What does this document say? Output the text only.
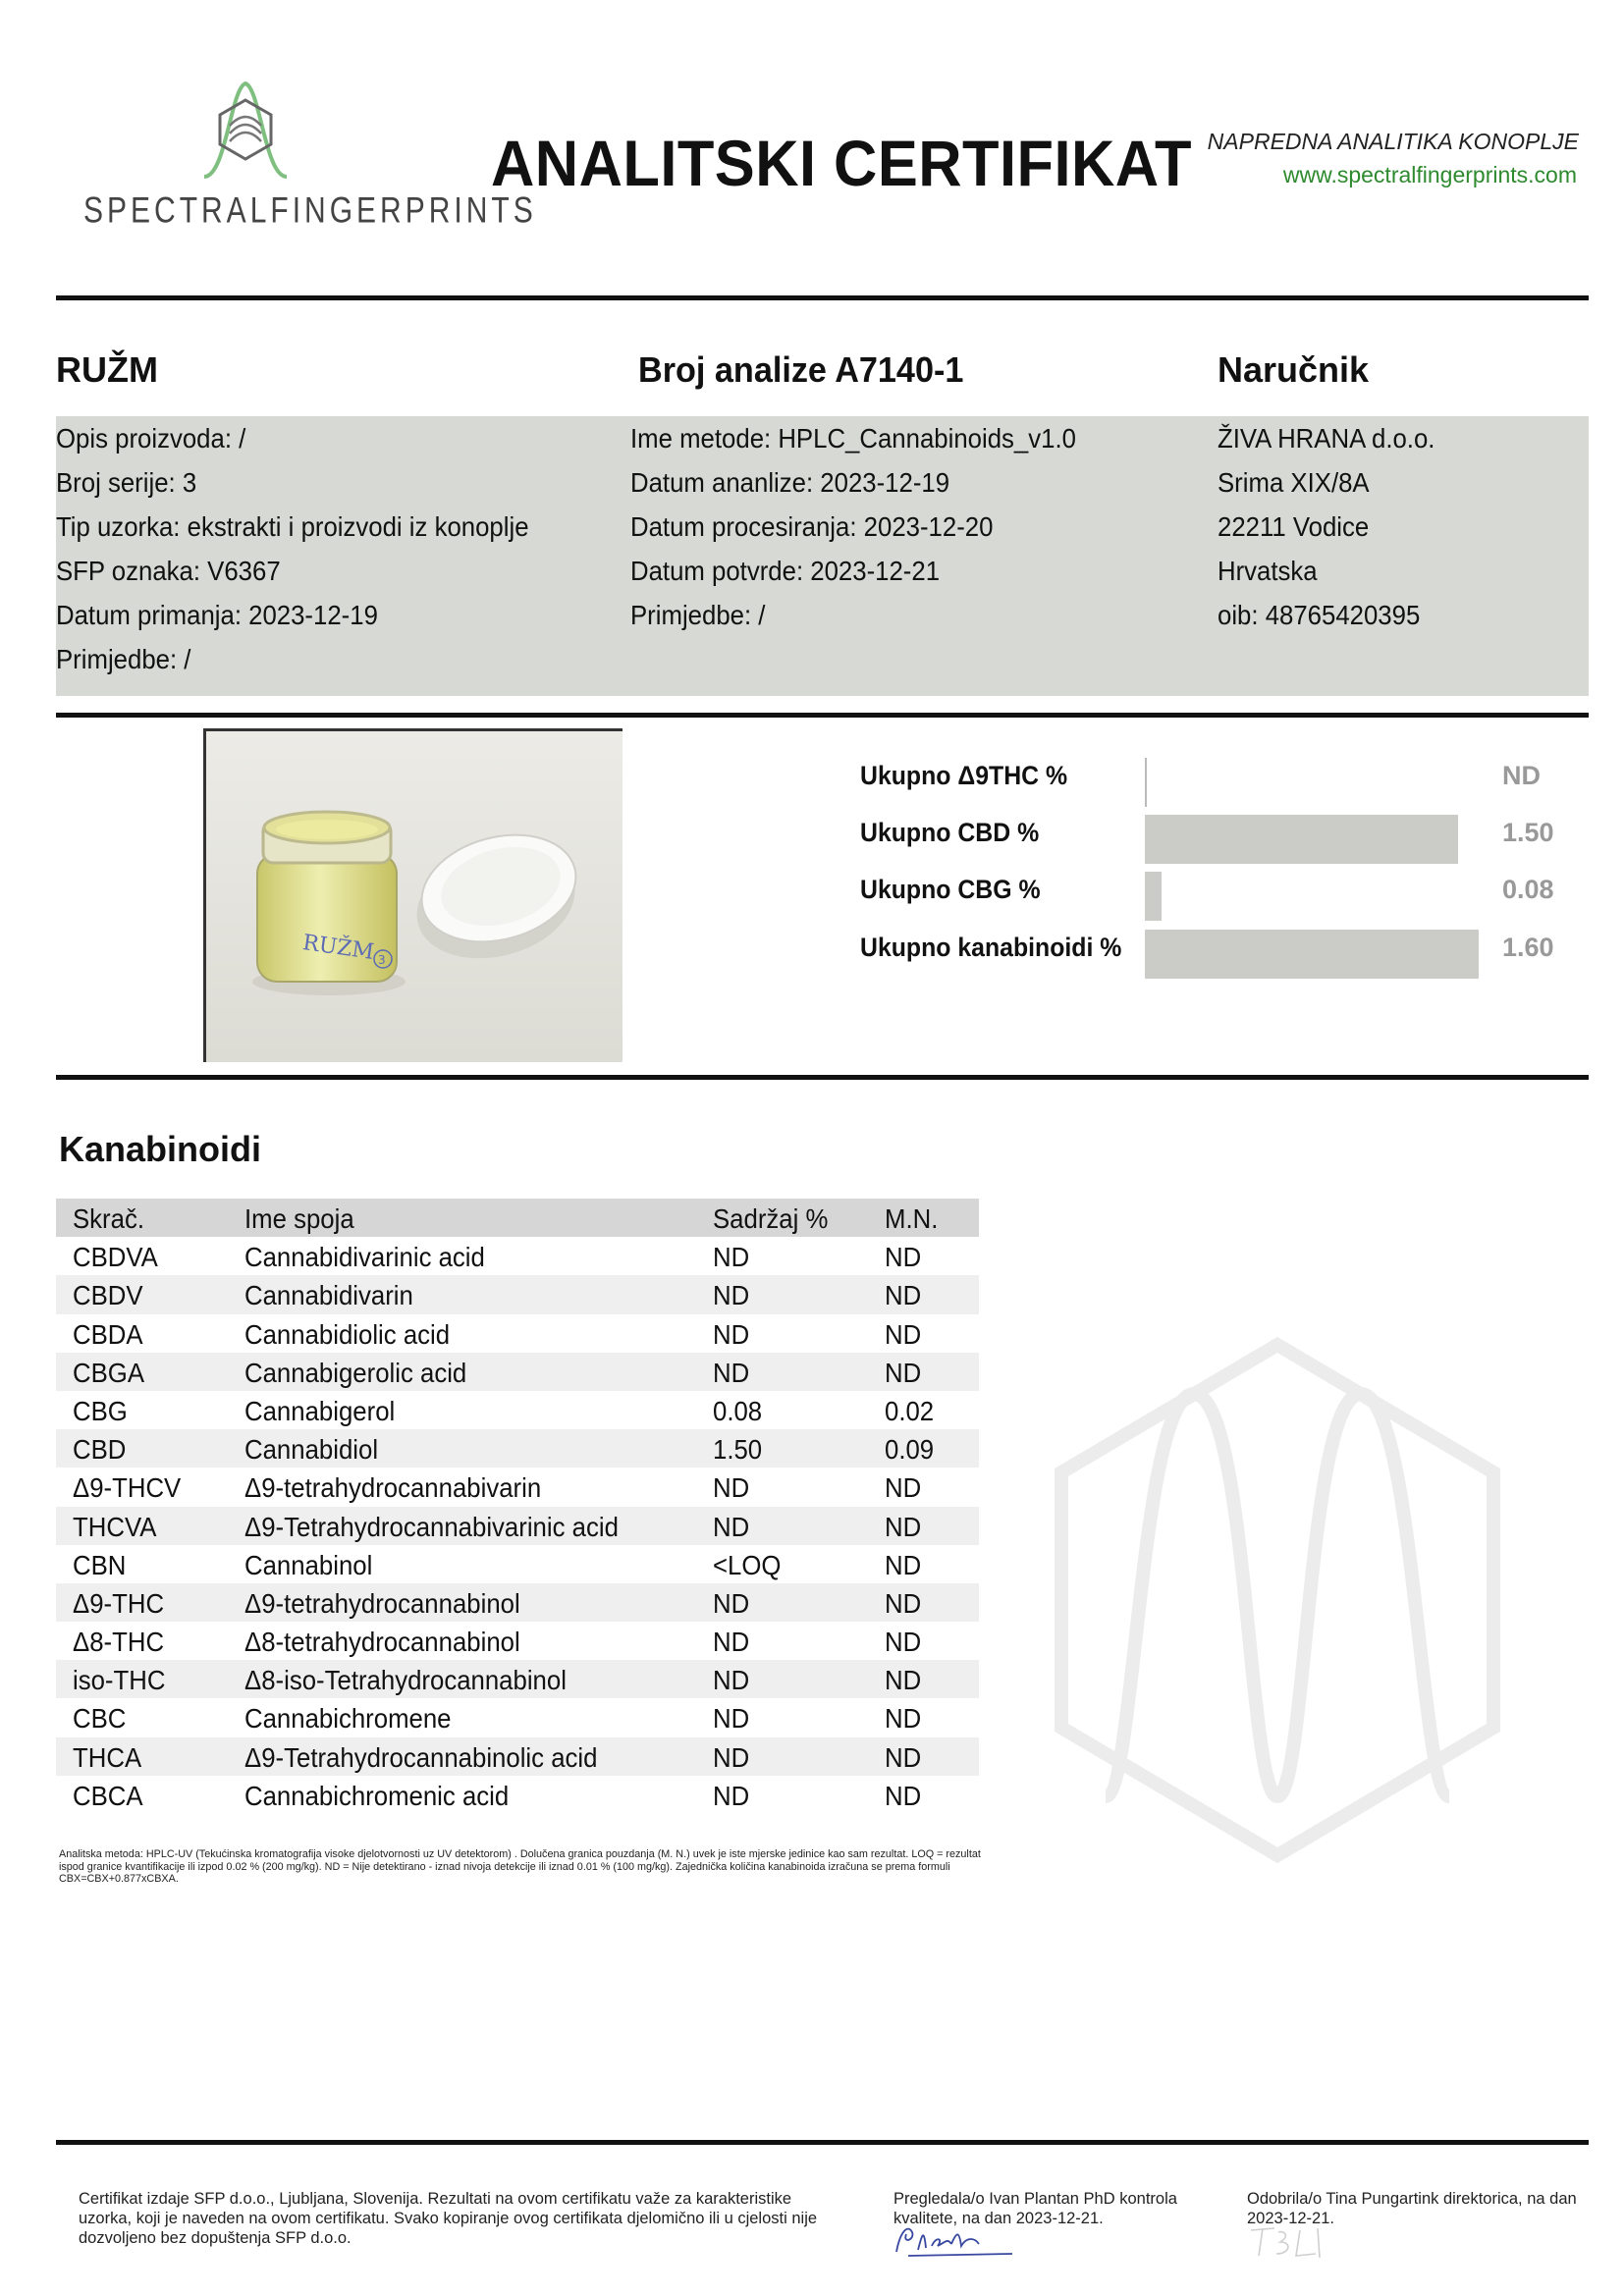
SPECTRALFINGERPRINTS
ANALITSKI CERTIFIKAT NAPREDNA ANALITIKA KONOPLJE
www.spectralfingerprints.com
RUŽM	Broj analize A7140-1	Naručnik
Opis proizvoda: /
Broj serije: 3
Tip uzorka: ekstrakti i proizvodi iz konoplje
SFP oznaka: V6367
Datum primanja: 2023-12-19
Primjedbe: /
Ime metode: HPLC_Cannabinoids_v1.0
Datum ananlize: 2023-12-19
Datum procesiranja: 2023-12-20
Datum potvrde: 2023-12-21
Primjedbe: /
ŽIVA HRANA d.o.o.
Srima XIX/8A
22211 Vodice
Hrvatska
oib: 48765420395
RUŽM 3
Ukupno Δ9THC %
Ukupno CBD %
Ukupno CBG %
Ukupno kanabinoidi %
ND
1.50
0.08
1.60
Kanabinoidi
Skrač.	Ime spoja	Sadržaj % M.N.
CBDVA	Cannabidivarinic acid	ND	ND
CBDV	Cannabidivarin	ND	ND
CBDA	Cannabidiolic acid	ND	ND
CBGA	Cannabigerolic acid	ND	ND
CBG	Cannabigerol	0.08	0.02
CBD	Cannabidiol	1.50	0.09
Δ9-THCV Δ9-tetrahydrocannabivarin	ND	ND
THCVA	Δ9-Tetrahydrocannabivarinic acid	ND	ND
CBN	Cannabinol	<LOQ	ND
Δ9-THC	Δ9-tetrahydrocannabinol	ND	ND
Δ8-THC	Δ8-tetrahydrocannabinol	ND	ND
iso-THC	Δ8-iso-Tetrahydrocannabinol	ND	ND
CBC	Cannabichromene	ND	ND
THCA	Δ9-Tetrahydrocannabinolic acid	ND	ND
CBCA	Cannabichromenic acid	ND	ND
Analitska metoda: HPLC-UV (Tekućinska kromatografija visoke djelotvornosti uz UV detektorom) . Dolučena granica pouzdanja (M. N.) uvek je iste mjerske jedinice kao sam rezultat. LOQ = rezultat ispod granice kvantifikacije ili izpod 0.02 % (200 mg/kg). ND = Nije detektirano - iznad nivoja detekcije ili iznad 0.01 % (100 mg/kg). Zajednička količina kanabinoida izračuna se prema formuli CBX=CBX+0.877xCBXA.
Certifikat izdaje SFP d.o.o., Ljubljana, Slovenija. Rezultati na ovom certifikatu važe za karakteristike uzorka, koji je naveden na ovom certifikatu. Svako kopiranje ovog certifikata djelomično ili u cjelosti nije dozvoljeno bez dopuštenja SFP d.o.o.
Pregledala/o Ivan Plantan PhD kontrola kvalitete, na dan 2023-12-21.
Odobrila/o Tina Pungartink direktorica, na dan 2023-12-21.
